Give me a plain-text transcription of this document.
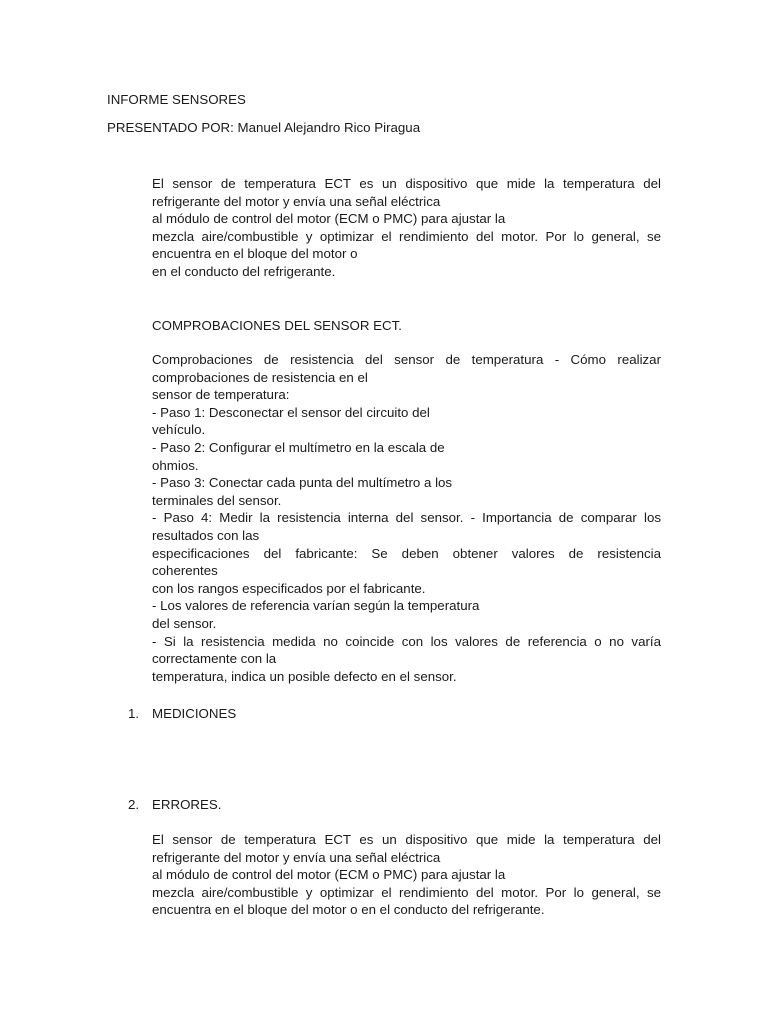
INFORME SENSORES

PRESENTADO POR: Manuel Alejandro Rico Piragua

El sensor de temperatura ECT es un dispositivo que mide la temperatura del
refrigerante del motor y envía una señal eléctrica
al módulo de control del motor (ECM o PMC) para ajustar la
mezcla aire/combustible y optimizar el rendimiento del motor. Por lo general, se
encuentra en el bloque del motor o
en el conducto del refrigerante.

COMPROBACIONES DEL SENSOR ECT.

Comprobaciones de resistencia del sensor de temperatura - Cómo realizar
comprobaciones de resistencia en el
sensor de temperatura:
- Paso 1: Desconectar el sensor del circuito del
vehículo.
- Paso 2: Configurar el multímetro en la escala de
ohmios.
- Paso 3: Conectar cada punta del multímetro a los
terminales del sensor.
- Paso 4: Medir la resistencia interna del sensor. - Importancia de comparar los
resultados con las
especificaciones del fabricante: Se deben obtener valores de resistencia
coherentes
con los rangos especificados por el fabricante.
- Los valores de referencia varían según la temperatura
del sensor.
- Si la resistencia medida no coincide con los valores de referencia o no varía
correctamente con la
temperatura, indica un posible defecto en el sensor.

1. MEDICIONES

2. ERRORES.

El sensor de temperatura ECT es un dispositivo que mide la temperatura del
refrigerante del motor y envía una señal eléctrica
al módulo de control del motor (ECM o PMC) para ajustar la
mezcla aire/combustible y optimizar el rendimiento del motor. Por lo general, se
encuentra en el bloque del motor o en el conducto del refrigerante.
